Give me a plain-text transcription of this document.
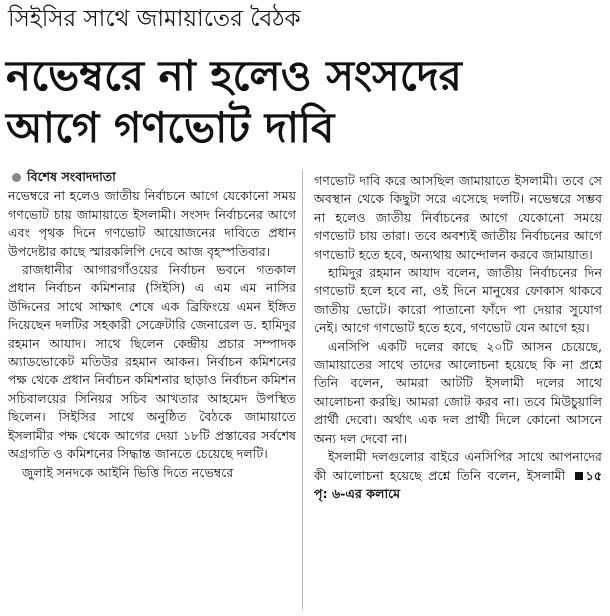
সিইসির সাথে জামায়াতের বৈঠক
নভেম্বরে না হলেও সংসদের
আগে গণভোট দাবি
বিশেষ সংবাদদাতা

নভেম্বরে না হলেও জাতীয় নির্বাচনে আগে যেকোনো সময় গণভোট চায় জামায়াতে ইসলামী। সংসদ নির্বাচনের আগে এবং পৃথক দিনে গণভোট আয়োজনের দাবিতে প্রধান উপদেষ্টার কাছে স্মারকলিপি দেবে আজ বৃহস্পতিবার।

রাজধানীর আগারগাঁওয়ের নির্বাচন ভবনে গতকাল প্রধান নির্বাচন কমিশনার (সিইসি) এ এম এম নাসির উদ্দিনের সাথে সাক্ষাৎ শেষে এক ব্রিফিংয়ে এমন ইঙ্গিত দিয়েছেন দলটির সহকারী সেক্রেটারি জেনারেল ড. হামিদুর রহমান আযাদ। সাথে ছিলেন কেন্দ্রীয় প্রচার সম্পাদক অ্যাডভোকেট মতিউর রহমান আকন। নির্বাচন কমিশনের পক্ষ থেকে প্রধান নির্বাচন কমিশনার ছাড়াও নির্বাচন কমিশন সচিবালয়ের সিনিয়র সচিব আখতার আহমেদ উপস্থিত ছিলেন। সিইসির সাথে অনুষ্ঠিত বৈঠকে জামায়াতে ইসলামীর পক্ষ থেকে আগের দেয়া ১৮টি প্রস্তাবের সর্বশেষ অগ্রগতি ও কমিশনের সিদ্ধান্ত জানতে চেয়েছে দলটি।

জুলাই সনদকে আইনি ভিত্তি দিতে নভেম্বরে

গণভোট দাবি করে আসছিল জামায়াতে ইসলামী। তবে সে অবস্থান থেকে কিছুটা সরে এসেছে দলটি। নভেম্বরে সম্ভব না হলেও জাতীয় নির্বাচনের আগে যেকোনো সময়ে গণভোট চায় তারা। তবে অবশ্যই জাতীয় নির্বাচনের আগে গণভোট হতে হবে, অন্যথায় আন্দোলন করবে জামায়াত।

হামিদুর রহমান আযাদ বলেন, জাতীয় নির্বাচনের দিন গণভোট হলে হবে না, ওই দিনে মানুষের ফোকাস থাকবে জাতীয় ভোটে। কারো পাতানো ফাঁদে পা দেয়ার সুযোগ নেই। আগে গণভোট হতে হবে, গণভোট যেন আগে হয়।

এনসিপি একটি দলের কাছে ২০টি আসন চেয়েছে, জামায়াতের সাথে তাদের আলোচনা হয়েছে কি না প্রশ্নে তিনি বলেন, আমরা আটটি ইসলামী দলের সাথে আলোচনা করছি। আমরা জোট করব না। তবে মিউচুয়ালি প্রার্থী দেবো। অর্থাৎ এক দল প্রার্থী দিলে কোনো আসনে অন্য দল দেবো না।

ইসলামী দলগুলোর বাইরে এনসিপির সাথে আপনাদের কী আলোচনা হয়েছে প্রশ্নে তিনি বলেন, ইসলামী ১৫ পৃ: ৬-এর কলামে
